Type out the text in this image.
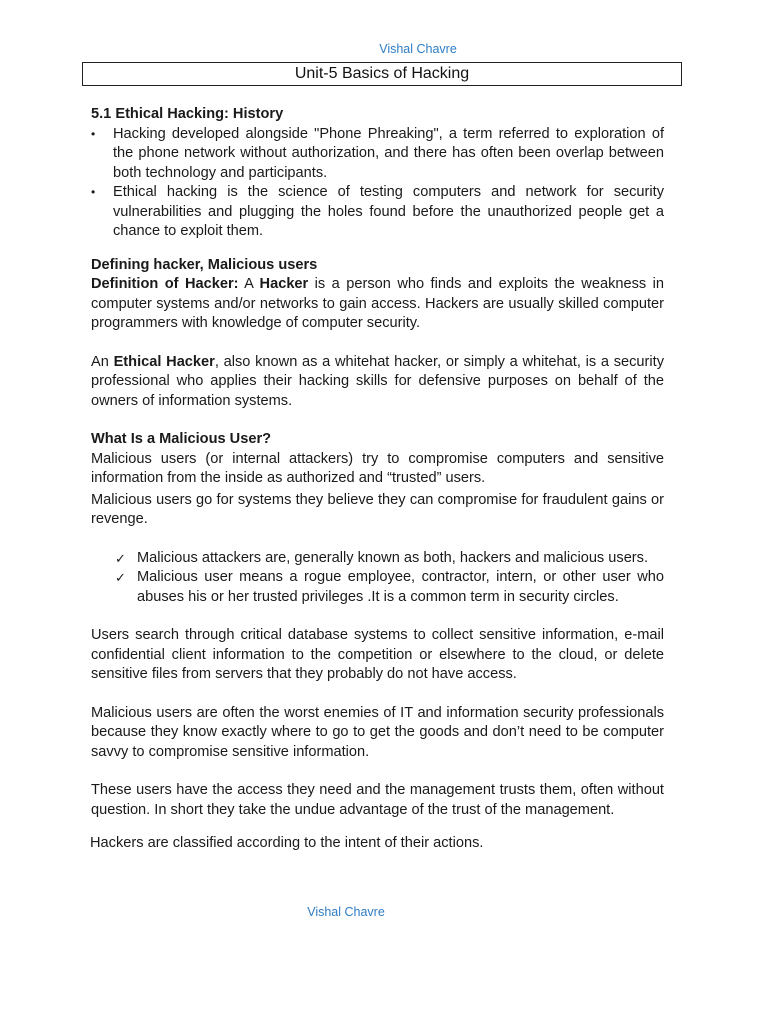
Vishal Chavre
Unit-5 Basics of Hacking

5.1 Ethical Hacking: History

•	Hacking developed alongside "Phone Phreaking", a term referred to exploration of the phone network without authorization, and there has often been overlap between both technology and participants.
•	Ethical hacking is the science of testing computers and network for security vulnerabilities and plugging the holes found before the unauthorized people get a chance to exploit them.

Defining hacker, Malicious users

Definition of Hacker: A Hacker is a person who finds and exploits the weakness in computer systems and/or networks to gain access. Hackers are usually skilled computer programmers with knowledge of computer security.

An Ethical Hacker, also known as a whitehat hacker, or simply a whitehat, is a security professional who applies their hacking skills for defensive purposes on behalf of the owners of information systems.

What Is a Malicious User?

Malicious users (or internal attackers) try to compromise computers and sensitive information from the inside as authorized and “trusted” users.

Malicious users go for systems they believe they can compromise for fraudulent gains or revenge.

✓ Malicious attackers are, generally known as both, hackers and malicious users.
✓ Malicious user means a rogue employee, contractor, intern, or other user who abuses his or her trusted privileges .It is a common term in security circles.

Users search through critical database systems to collect sensitive information, e-mail confidential client information to the competition or elsewhere to the cloud, or delete sensitive files from servers that they probably do not have access.

Malicious users are often the worst enemies of IT and information security professionals because they know exactly where to go to get the goods and don’t need to be computer savvy to compromise sensitive information.

These users have the access they need and the management trusts them, often without question. In short they take the undue advantage of the trust of the management.

Hackers are classified according to the intent of their actions.

Vishal Chavre
